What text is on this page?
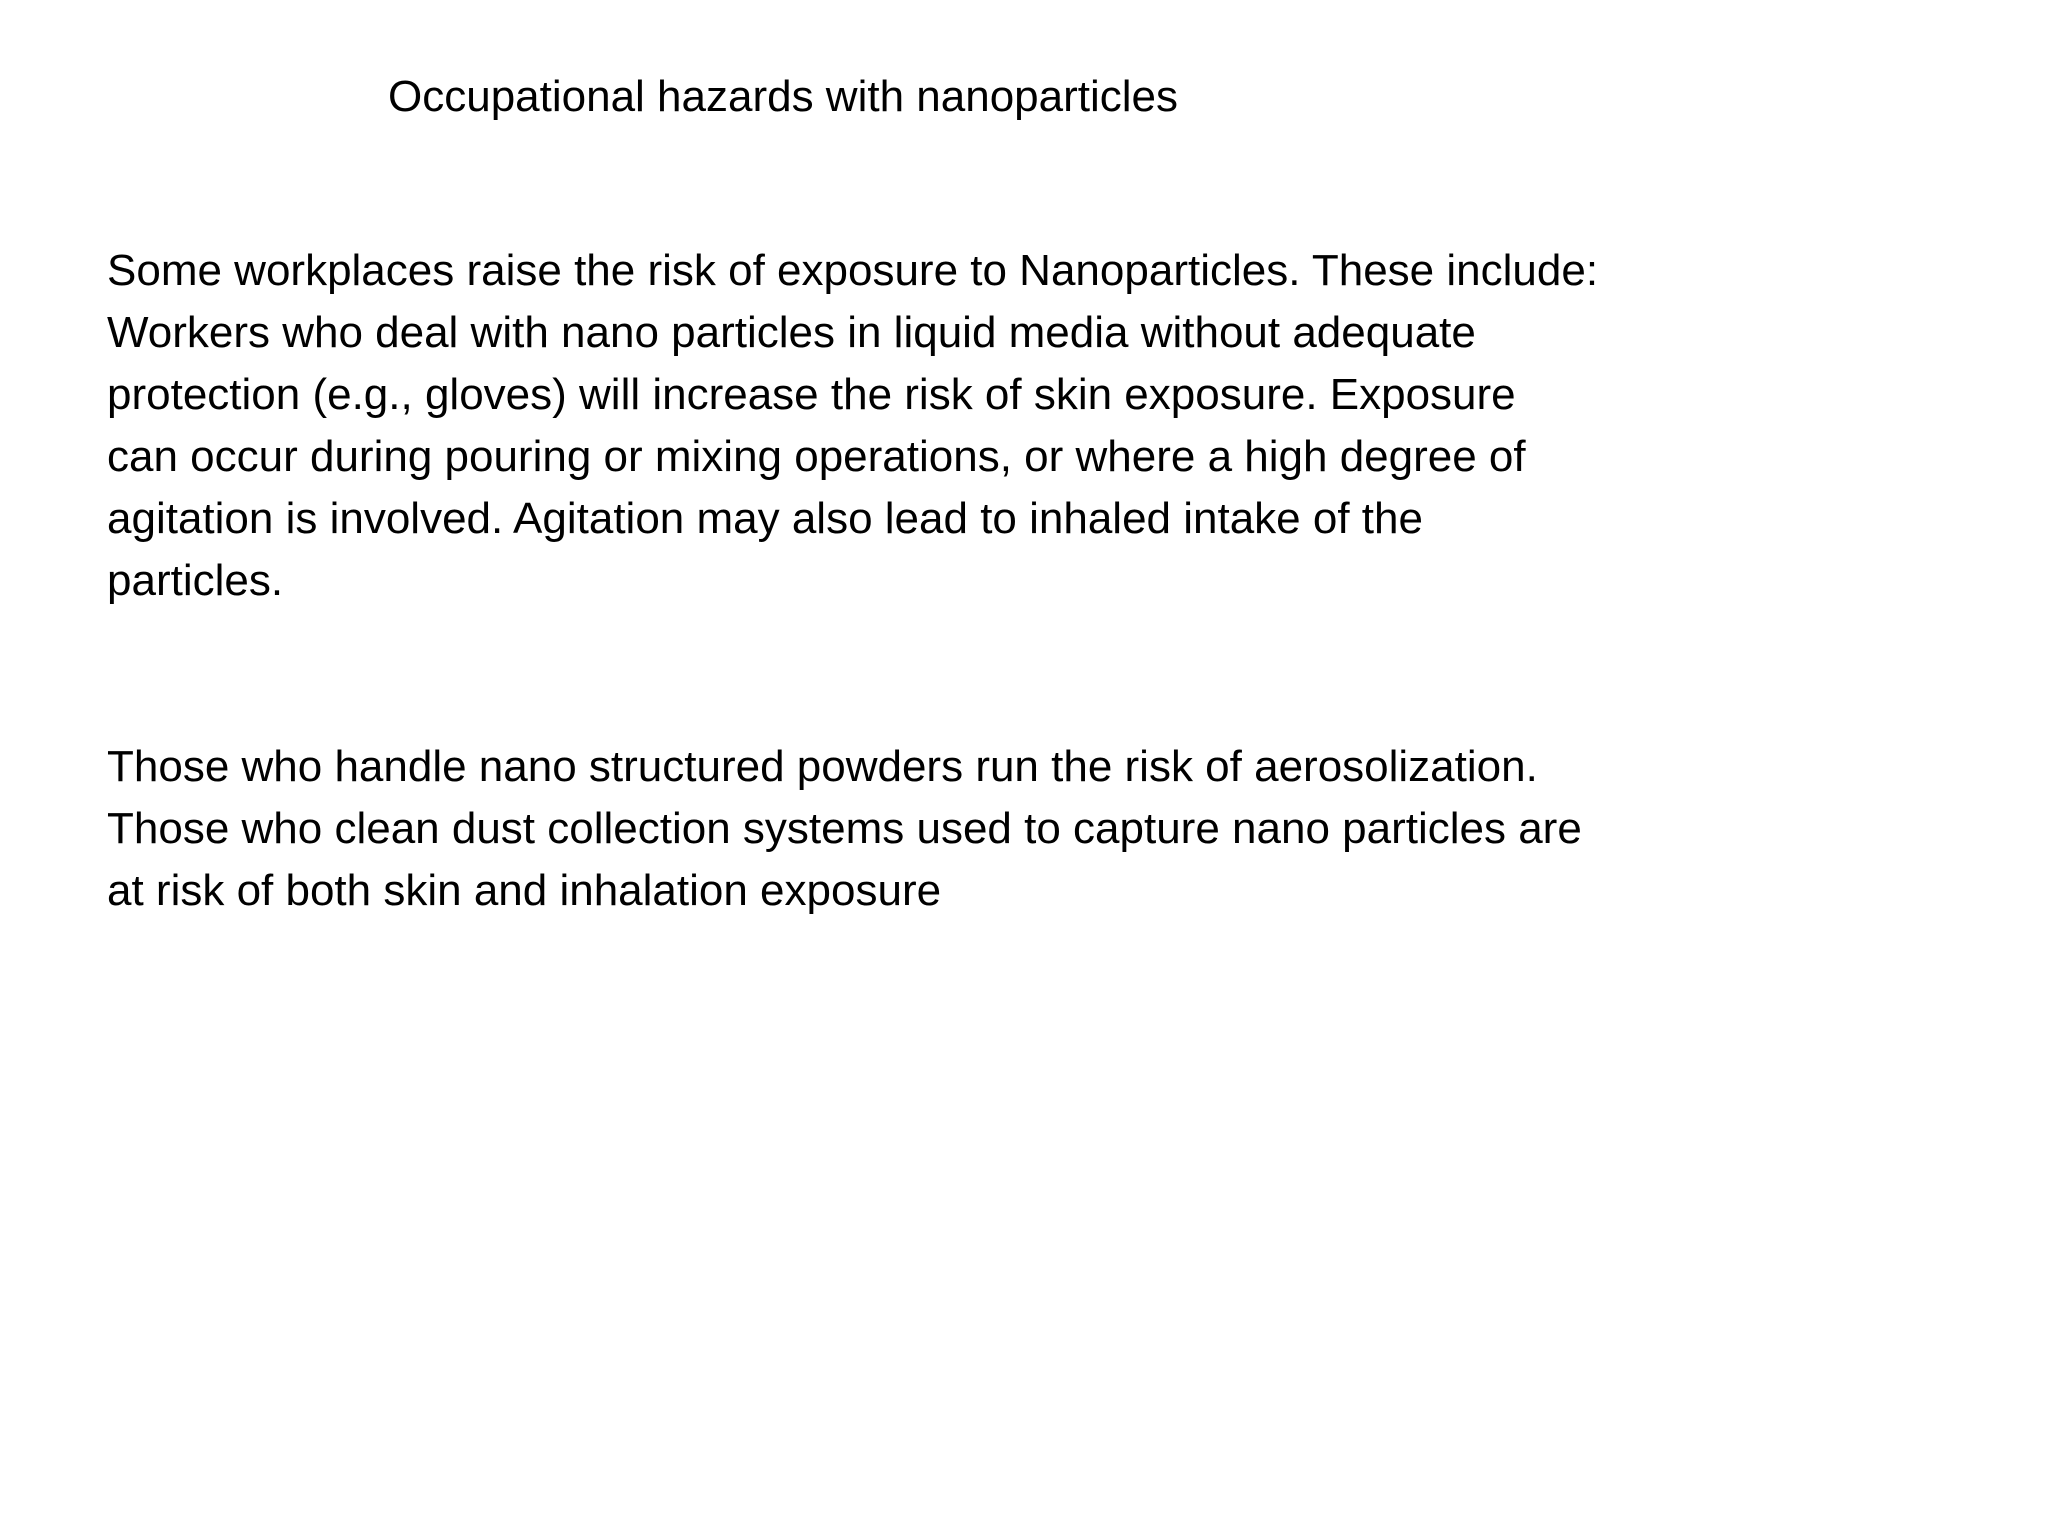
Occupational hazards with nanoparticles
Some workplaces raise the risk of exposure to Nanoparticles. These include:
Workers who deal with nano particles in liquid media without adequate
protection (e.g., gloves) will increase the risk of skin exposure. Exposure
can occur during pouring or mixing operations, or where a high degree of
agitation is involved. Agitation may also lead to inhaled intake of the
particles.
Those who handle nano structured powders run the risk of aerosolization.
Those who clean dust collection systems used to capture nano particles are
at risk of both skin and inhalation exposure
